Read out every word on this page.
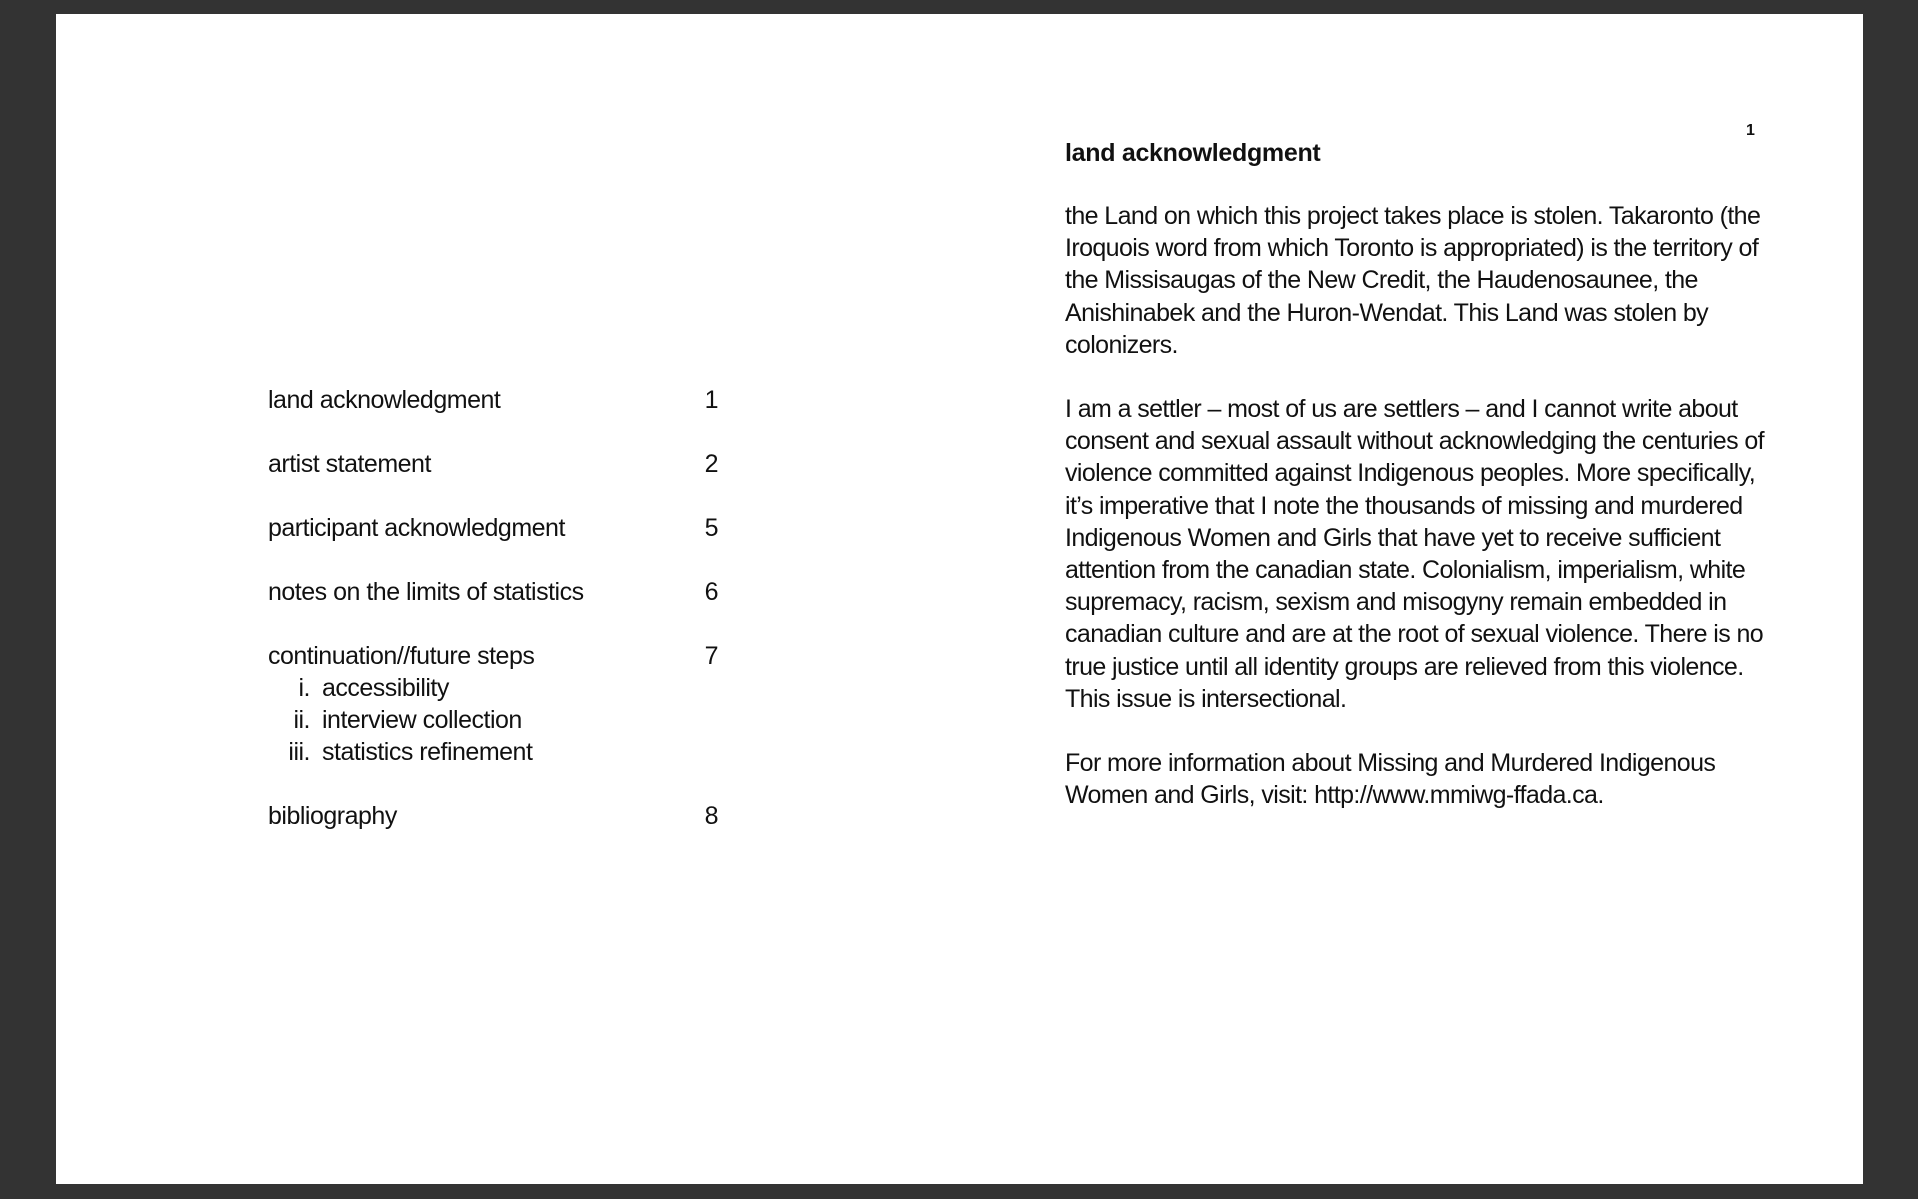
land acknowledgment	1
artist statement	2
participant acknowledgment	5
notes on the limits of statistics	6
continuation//future steps	7
i. accessibility
ii. interview collection
iii. statistics refinement
bibliography	8
1
land acknowledgment

the Land on which this project takes place is stolen. Takaronto (the Iroquois word from which Toronto is appropriated) is the territory of the Missisaugas of the New Credit, the Haudenosaunee, the Anishinabek and the Huron-Wendat. This Land was stolen by colonizers.

I am a settler – most of us are settlers – and I cannot write about consent and sexual assault without acknowledging the centuries of violence committed against Indigenous peoples. More specifically, it’s imperative that I note the thousands of missing and murdered Indigenous Women and Girls that have yet to receive sufficient attention from the canadian state. Colonialism, imperialism, white supremacy, racism, sexism and misogyny remain embedded in canadian culture and are at the root of sexual violence. There is no true justice until all identity groups are relieved from this violence. This issue is intersectional.

For more information about Missing and Murdered Indigenous Women and Girls, visit: http://www.mmiwg-ffada.ca.
